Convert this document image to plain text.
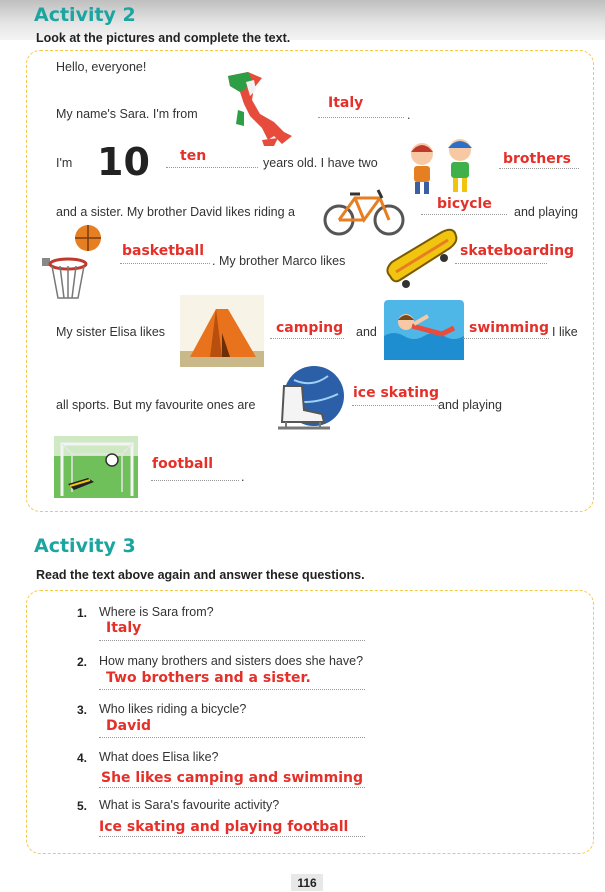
Activity 2
Look at the pictures and complete the text.
Hello, everyone!
My name's Sara. I'm from
Italy
.
I'm 10 ten	years old. I have two	brothers
and a sister. My brother David likes riding a	bicycle and playing
basketball
. My brother Marco likes
skateboarding
My sister Elisa likes	camping and	swimming I like
all sports. But my favourite ones are
ice skating
and playing
football
.
Activity 3
Read the text above again and answer these questions.
1. Where is Sara from?
Italy
2. How many brothers and sisters does she have?
Two brothers and a sister.
3. Who likes riding a bicycle?
David
4. What does Elisa like?
She likes camping and swimming
5. What is Sara's favourite activity?
Ice skating and playing football
116
